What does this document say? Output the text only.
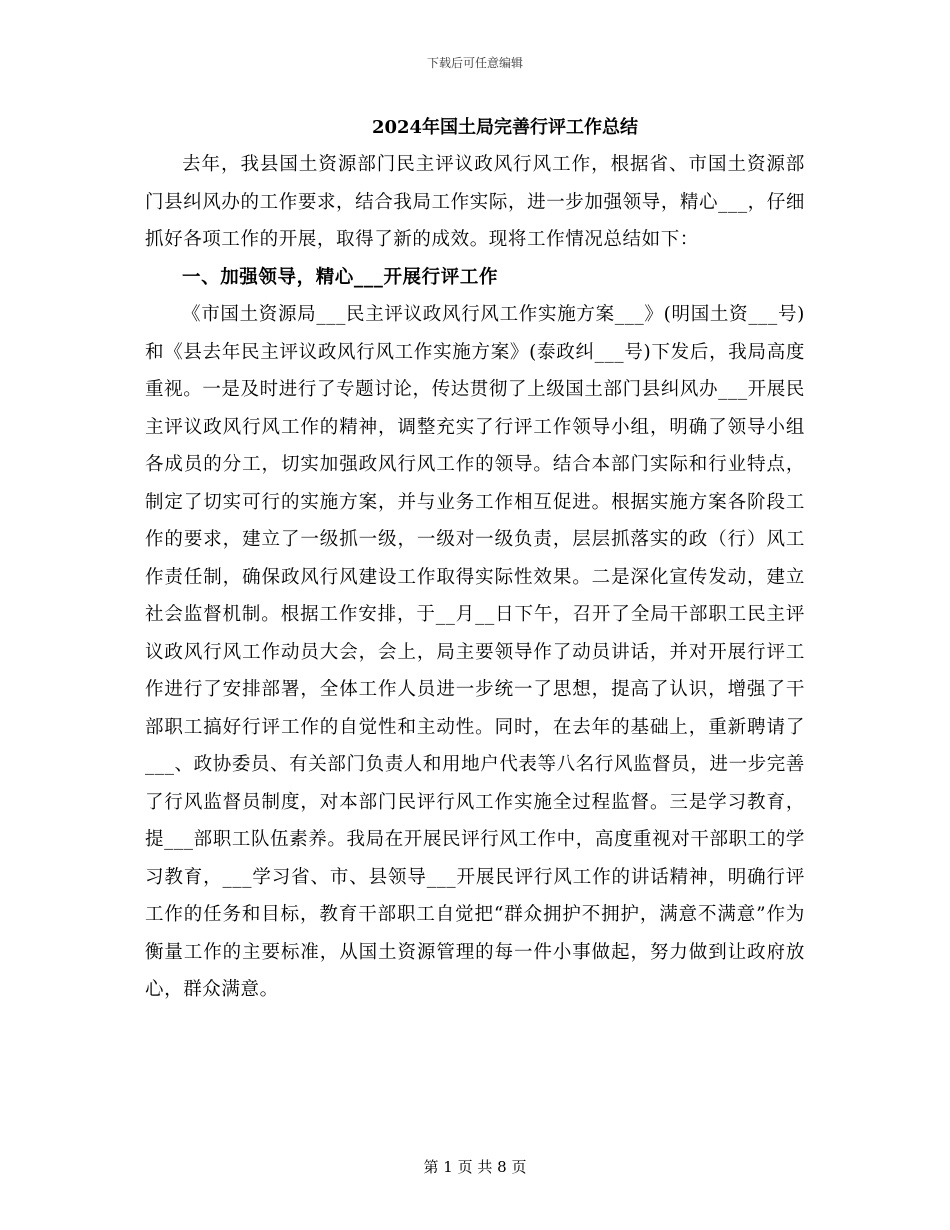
下载后可任意编辑
2024年国土局完善行评工作总结

去年，我县国土资源部门民主评议政风行风工作，根据省、市国土资源部门县纠风办的工作要求，结合我局工作实际，进一步加强领导，精心___，仔细抓好各项工作的开展，取得了新的成效。现将工作情况总结如下：

一、加强领导，精心___开展行评工作

《市国土资源局___民主评议政风行风工作实施方案___》(明国土资___号)和《县去年民主评议政风行风工作实施方案》(泰政纠___号)下发后，我局高度重视。一是及时进行了专题讨论，传达贯彻了上级国土部门县纠风办___开展民主评议政风行风工作的精神，调整充实了行评工作领导小组，明确了领导小组各成员的分工，切实加强政风行风工作的领导。结合本部门实际和行业特点，制定了切实可行的实施方案，并与业务工作相互促进。根据实施方案各阶段工作的要求，建立了一级抓一级，一级对一级负责，层层抓落实的政（行）风工作责任制，确保政风行风建设工作取得实际性效果。二是深化宣传发动，建立社会监督机制。根据工作安排，于__月__日下午，召开了全局干部职工民主评议政风行风工作动员大会，会上，局主要领导作了动员讲话，并对开展行评工作进行了安排部署，全体工作人员进一步统一了思想，提高了认识，增强了干部职工搞好行评工作的自觉性和主动性。同时，在去年的基础上，重新聘请了___、政协委员、有关部门负责人和用地户代表等八名行风监督员，进一步完善了行风监督员制度，对本部门民评行风工作实施全过程监督。三是学习教育，提___部职工队伍素养。我局在开展民评行风工作中，高度重视对干部职工的学习教育，___学习省、市、县领导___开展民评行风工作的讲话精神，明确行评工作的任务和目标，教育干部职工自觉把“群众拥护不拥护，满意不满意”作为衡量工作的主要标准，从国土资源管理的每一件小事做起，努力做到让政府放心，群众满意。

第 1 页 共 8 页
